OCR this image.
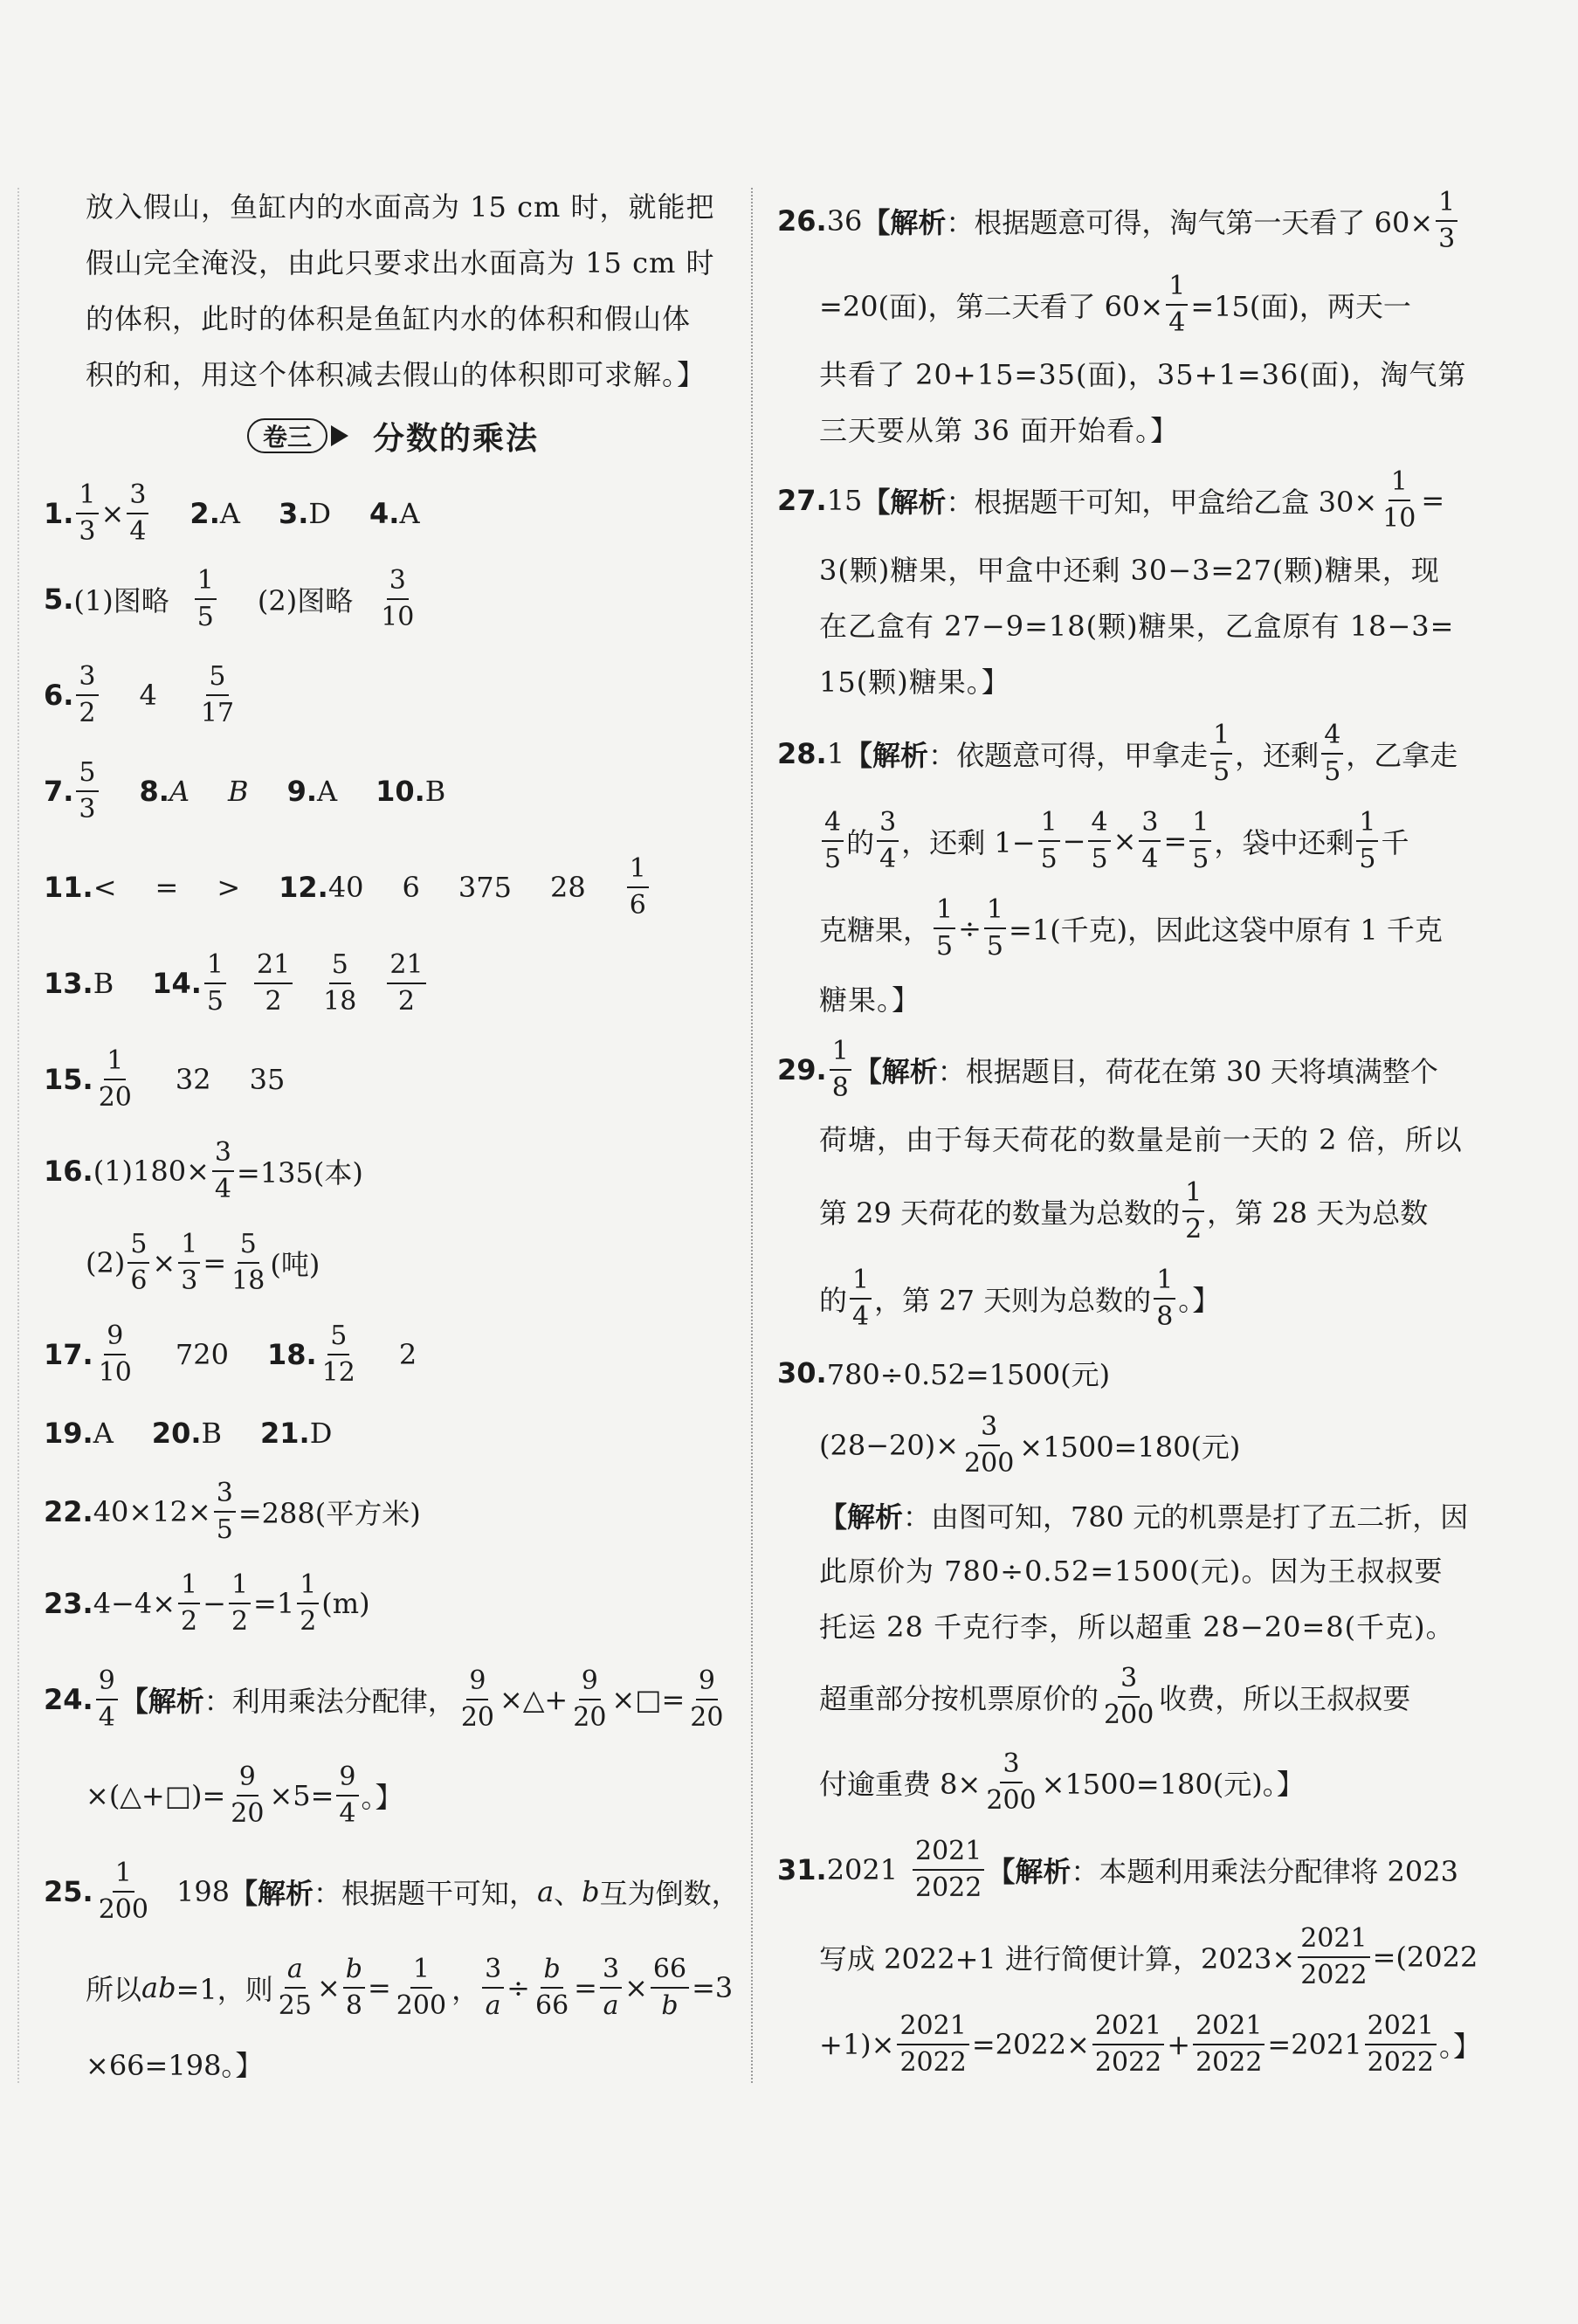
放入假山，鱼缸内的水面高为 15 cm 时，就能把
假山完全淹没，由此只要求出水面高为 15 cm 时
的体积，此时的体积是鱼缸内水的体积和假山体
积的和，用这个体积减去假山的体积即可求解。】
卷三	分数的乘法
1. $\frac{1}{3} \times \frac{3}{4} 2$. A 3. D 4. A
5. (1)图略 $\frac{1}{5} (2)$图略 $\frac{3}{10}$
6. $\frac{3}{2} 4 \frac{5}{17}$
7. $\frac{5}{3} 8$. A B 9. A 10. B
11. < = > 12. 40 6 375 $28 \frac{1}{6}$
13. B 14. $\frac{1}{5} \frac{21}{2} \frac{5}{18} \frac{21}{2}$
15. $\frac{1}{20} 32$ 35
16. $(1)180\times \frac{3}{4} =135$(本)
$(2) \frac{5}{6} \times \frac{1}{3} = \frac{5}{18}$ (吨)
17. $\frac{9}{10} 720$ 18. $\frac{5}{12} 2$
19. A 20. B 21. D
22. $40\times 12\times \frac{3}{5} =288$(平方米)
23. $4-4\times \frac{1}{2} - \frac{1}{2} =1 \frac{1}{2} (m)$
24. $\frac{9}{4}$ 【解析 ：利用乘法分配律， $\frac{9}{20}$ ×△+ $\frac{9}{20}$ ×□= $\frac{9}{20}$
×(△+□)= $\frac{9}{20} \times 5= \frac{9}{4}$ 。】
25. $\frac{1}{200} 198$ 【解析 ：根据题干可知， a 、 b 互为倒数，
所以 ab =1，则 $\frac{a}{25} \times \frac{b}{8} = \frac{1}{200}$ ， $\frac{3}{a} \div \frac{b}{66} = \frac{3}{a} \times \frac{66}{b} =3$
×66=198。】
26. 36 【解析 ：根据题意可得，淘气第一天看了 $60\times \frac{1}{3}$
=20(面)，第二天看了 $60\times \frac{1}{4} =15$(面)，两天一
共看了 20+15=35(面)，35+1=36(面)，淘气第
三天要从第 36 面开始看。】
27. 15 【解析 ：根据题干可知，甲盒给乙盒 $30\times \frac{1}{10}$ =
3(颗)糖果，甲盒中还剩 30−3=27(颗)糖果，现
在乙盒有 27−9=18(颗)糖果，乙盒原有 18−3=
15(颗)糖果。】
28. 1 【解析 ：依题意可得，甲拿走 $\frac{1}{5}$ ，还剩 $\frac{4}{5}$ ，乙拿走
$\frac{4}{5}$ 的 $\frac{3}{4}$ ，还剩 $1- \frac{1}{5} - \frac{4}{5} \times \frac{3}{4} = \frac{1}{5}$ ，袋中还剩 $\frac{1}{5}$ 千
克糖果， $\frac{1}{5} \div \frac{1}{5} =1$(千克)，因此这袋中原有 1 千克
糖果。】
29. $\frac{1}{8}$ 【解析 ：根据题目，荷花在第 30 天将填满整个
荷塘，由于每天荷花的数量是前一天的 2 倍，所以
第 29 天荷花的数量为总数的 $\frac{1}{2}$ ，第 28 天为总数
的 $\frac{1}{4}$ ，第 27 天则为总数的 $\frac{1}{8}$ 。】
30. 780÷0.52=1500(元)
$(28-20)\times \frac{3}{200} \times 1500=180$(元)
【解析 ：由图可知，780 元的机票是打了五二折，因
此原价为 780÷0.52=1500(元)。因为王叔叔要
托运 28 千克行李，所以超重 28−20=8(千克)。
超重部分按机票原价的 $\frac{3}{200}$ 收费，所以王叔叔要
付逾重费 $8\times \frac{3}{200} \times 1500=180$(元)。】
31. $2021 \frac{2021}{2022}$ 【解析 ：本题利用乘法分配律将 2023
写成 2022+1 进行简便计算，$2023\times \frac{2021}{2022} =(2022$
$+1)\times \frac{2021}{2022} =2022\times \frac{2021}{2022} + \frac{2021}{2022} =2021 \frac{2021}{2022}$ 。】
